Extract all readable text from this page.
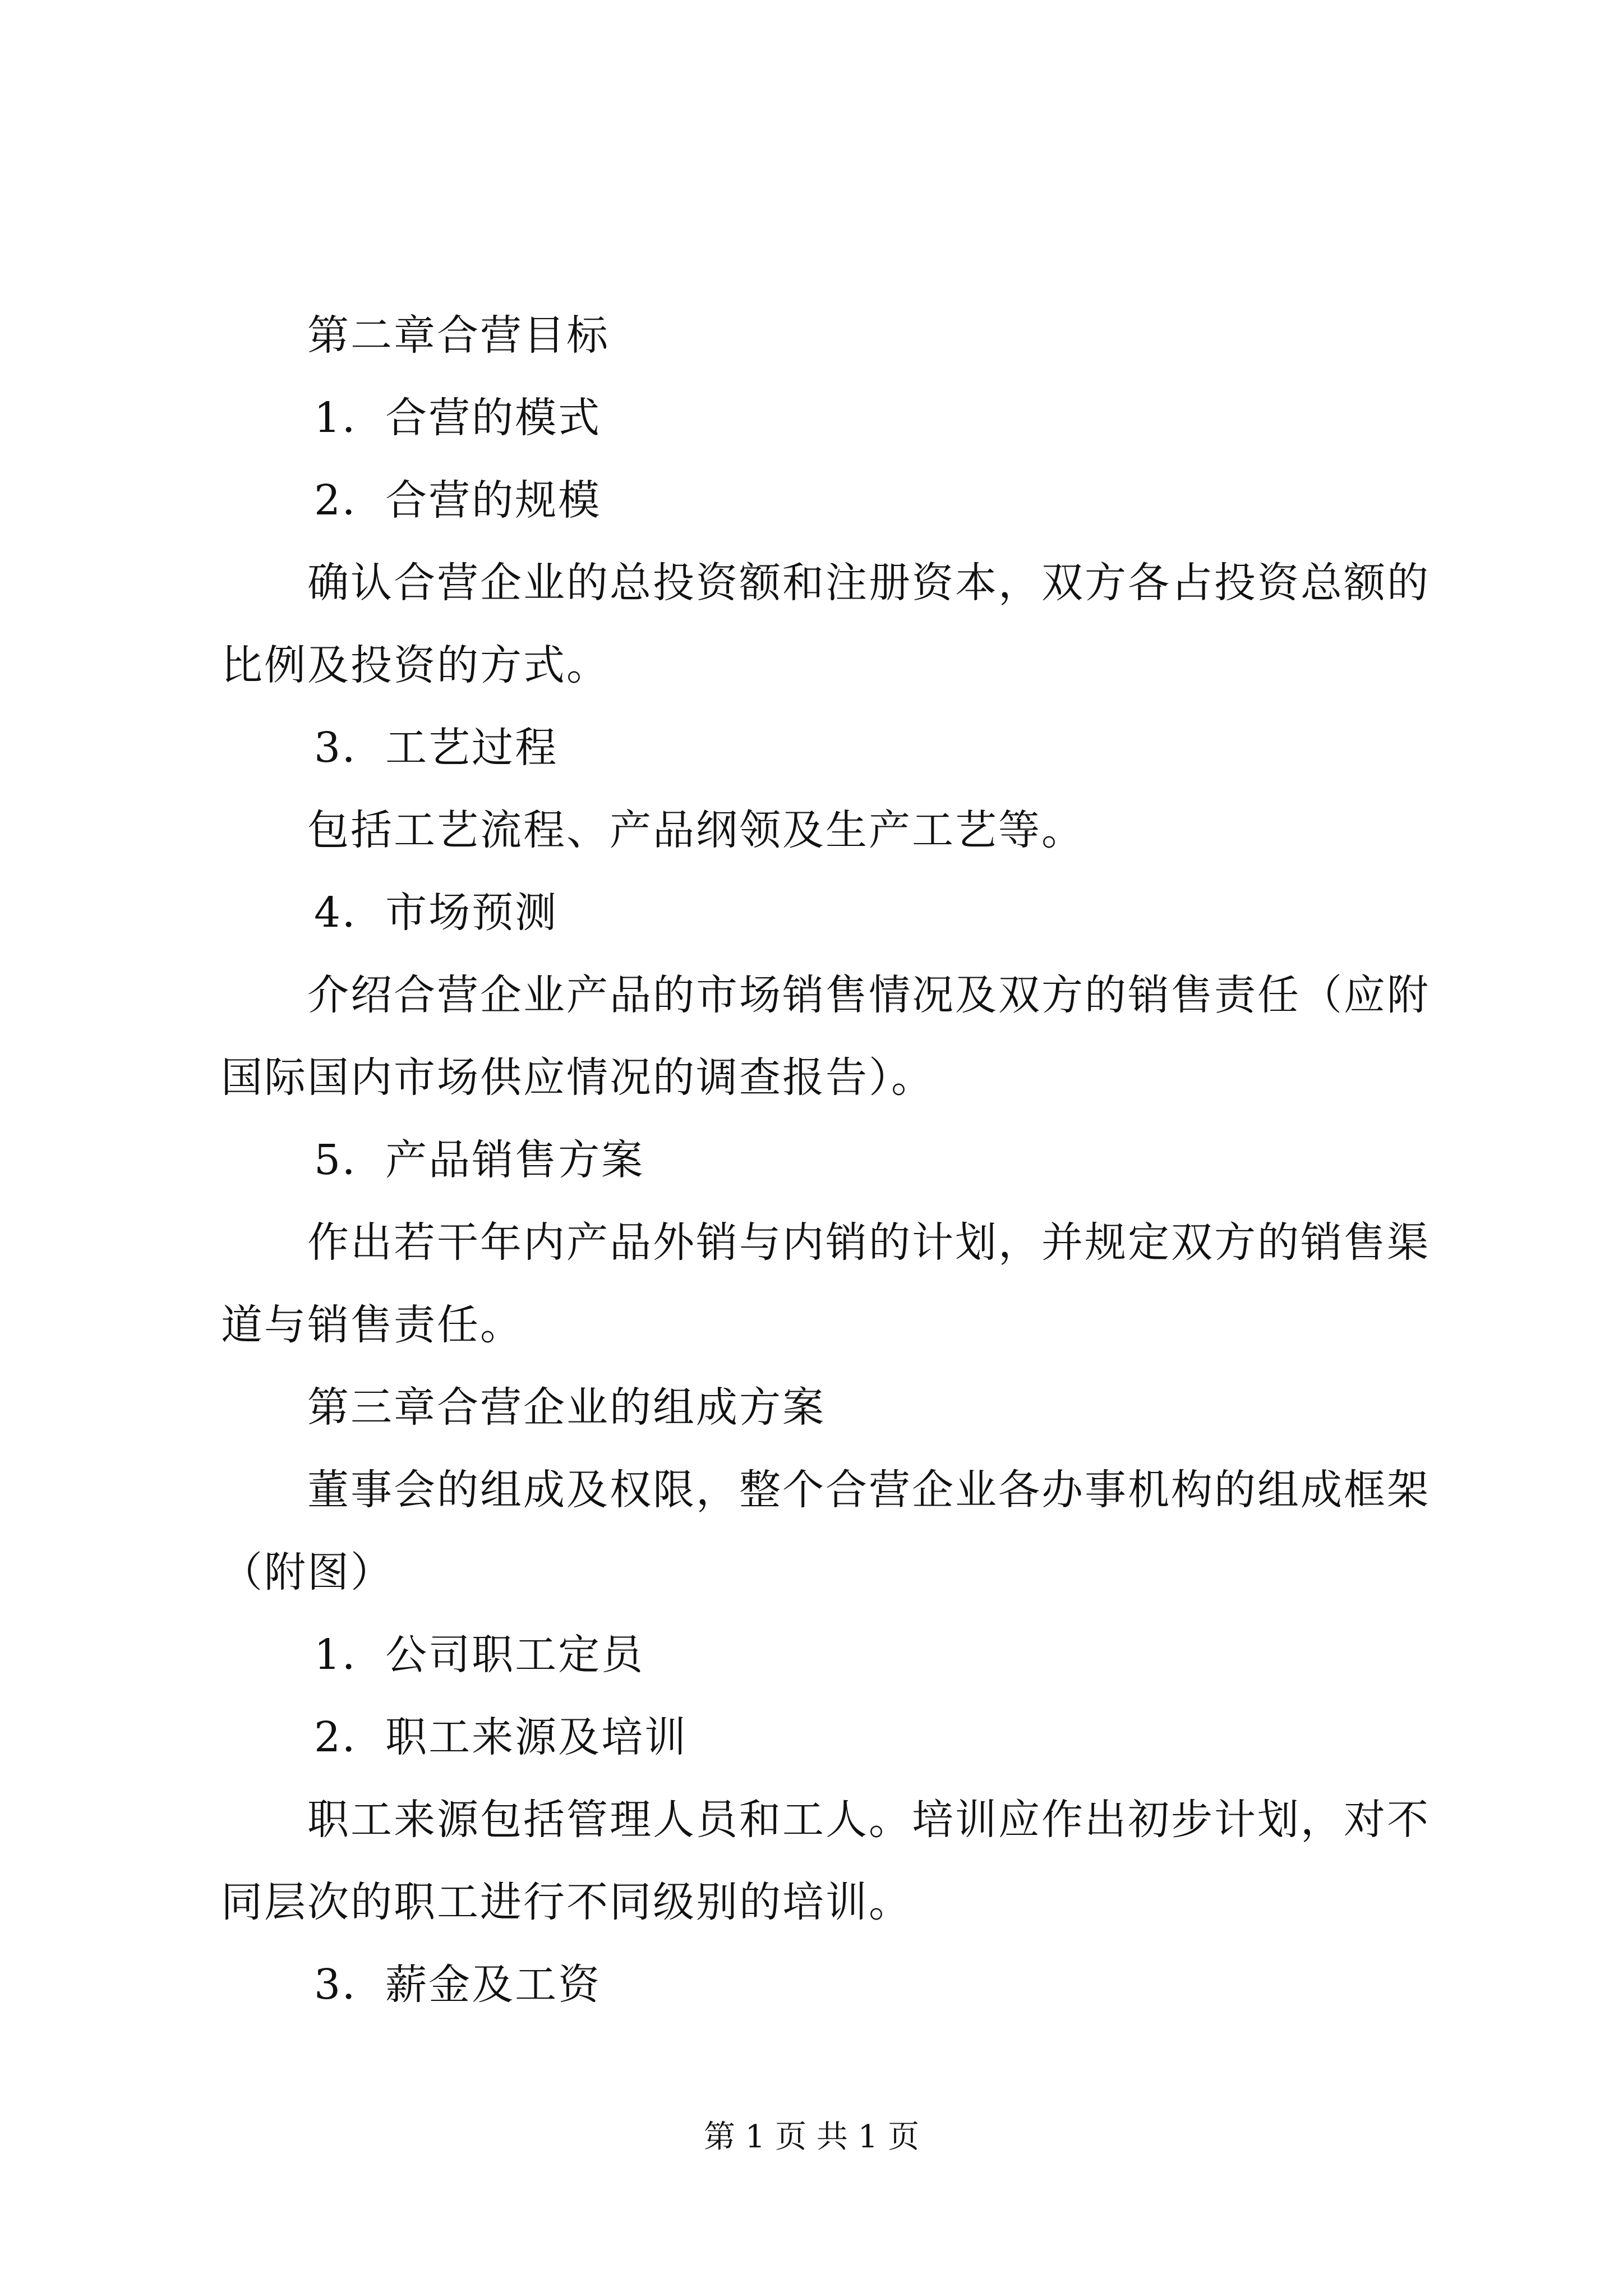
第二章合营目标
1．合营的模式
2．合营的规模
确认合营企业的总投资额和注册资本，双方各占投资总额的
比例及投资的方式。
3．工艺过程
包括工艺流程、产品纲领及生产工艺等。
4．市场预测
介绍合营企业产品的市场销售情况及双方的销售责任（应附
国际国内市场供应情况的调查报告）。
5．产品销售方案
作出若干年内产品外销与内销的计划，并规定双方的销售渠
道与销售责任。
第三章合营企业的组成方案
董事会的组成及权限，整个合营企业各办事机构的组成框架
（附图）
1．公司职工定员
2．职工来源及培训
职工来源包括管理人员和工人。培训应作出初步计划，对不
同层次的职工进行不同级别的培训。
3．薪金及工资
第 1 页 共 1 页
